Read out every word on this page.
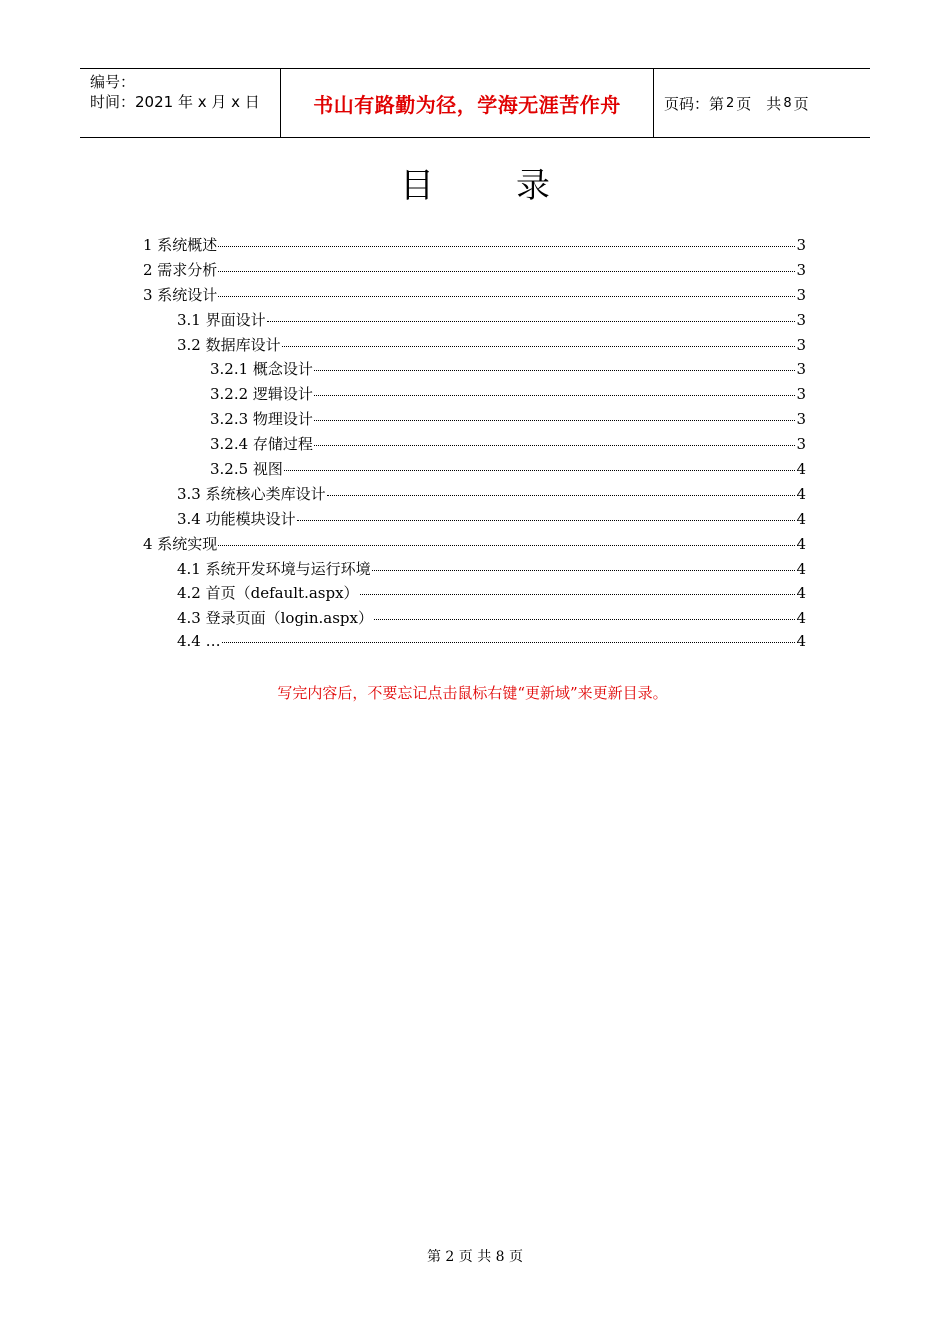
编号：
时间：2021 年 x 月 x 日	书山有路勤为径，学海无涯苦作舟	页码：第 2 页　共 8 页
目录
1 系统概述	3
2 需求分析	3
3 系统设计	3
3.1 界面设计	3
3.2 数据库设计	3
3.2.1 概念设计	3
3.2.2 逻辑设计	3
3.2.3 物理设计	3
3.2.4 存储过程	3
3.2.5 视图	4
3.3 系统核心类库设计	4
3.4 功能模块设计	4
4 系统实现	4
4.1 系统开发环境与运行环境	4
4.2 首页（default.aspx）	4
4.3 登录页面（login.aspx）	4
4.4 …	4
写完内容后，不要忘记点击鼠标右键“更新域”来更新目录。
第 2 页 共 8 页
